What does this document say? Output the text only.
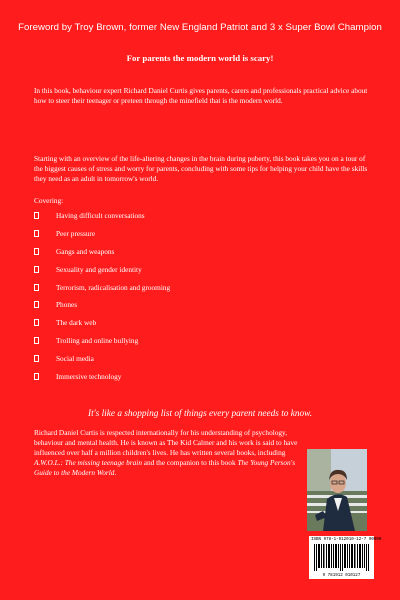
Foreword by Troy Brown, former New England Patriot and 3 x Super Bowl Champion
For parents the modern world is scary!

In this book, behaviour expert Richard Daniel Curtis gives parents, carers and professionals practical advice about how to steer their teenager or preteen through the minefield that is the modern world.

Starting with an overview of the life-altering changes in the brain during puberty, this book takes you on a tour of the biggest causes of stress and worry for parents, concluding with some tips for helping your child have the skills they need as an adult in tomorrow's world.

Covering:
Having difficult conversations
Peer pressure
Gangs and weapons
Sexuality and gender identity
Terrorism, radicalisation and grooming
Phones
The dark web
Trolling and online bullying
Social media
Immersive technology
It's like a shopping list of things every parent needs to know.

Richard Daniel Curtis is respected internationally for his understanding of psychology, behaviour and mental health. He is known as The Kid Calmer and his work is said to have influenced over half a million children's lives. He has written several books, including A.W.O.L.: The missing teenage brain and the companion to this book The Young Person's Guide to the Modern World.

ISBN 978-1-912010-12-7 90000
9 781912 010127
